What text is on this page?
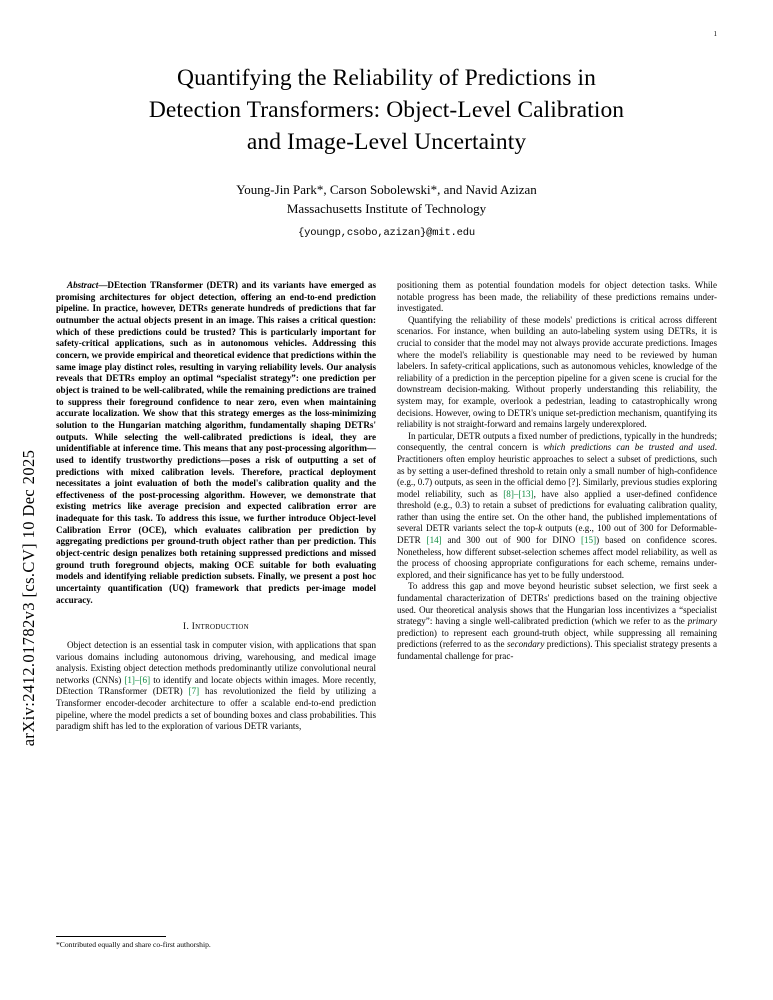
arXiv:2412.01782v3 [cs.CV] 10 Dec 2025
1
Quantifying the Reliability of Predictions in
Detection Transformers: Object-Level Calibration
and Image-Level Uncertainty
Young-Jin Park*, Carson Sobolewski*, and Navid Azizan
Massachusetts Institute of Technology
{youngp,csobo,azizan}@mit.edu
Abstract—DEtection TRansformer (DETR) and its variants have emerged as promising architectures for object detection, offering an end-to-end prediction pipeline. In practice, however, DETRs generate hundreds of predictions that far outnumber the actual objects present in an image. This raises a critical question: which of these predictions could be trusted? This is particularly important for safety-critical applications, such as in autonomous vehicles. Addressing this concern, we provide empirical and theoretical evidence that predictions within the same image play distinct roles, resulting in varying reliability levels. Our analysis reveals that DETRs employ an optimal “specialist strategy”: one prediction per object is trained to be well-calibrated, while the remaining predictions are trained to suppress their foreground confidence to near zero, even when maintaining accurate localization. We show that this strategy emerges as the loss-minimizing solution to the Hungarian matching algorithm, fundamentally shaping DETRs' outputs. While selecting the well-calibrated predictions is ideal, they are unidentifiable at inference time. This means that any post-processing algorithm—used to identify trustworthy predictions—poses a risk of outputting a set of predictions with mixed calibration levels. Therefore, practical deployment necessitates a joint evaluation of both the model's calibration quality and the effectiveness of the post-processing algorithm. However, we demonstrate that existing metrics like average precision and expected calibration error are inadequate for this task. To address this issue, we further introduce Object-level Calibration Error (OCE), which evaluates calibration per prediction by aggregating predictions per ground-truth object rather than per prediction. This object-centric design penalizes both retaining suppressed predictions and missed ground truth foreground objects, making OCE suitable for both evaluating models and identifying reliable prediction subsets. Finally, we present a post hoc uncertainty quantification (UQ) framework that predicts per-image model accuracy.
I. Introduction

Object detection is an essential task in computer vision, with applications that span various domains including autonomous driving, warehousing, and medical image analysis. Existing object detection methods predominantly utilize convolutional neural networks (CNNs) [1]–[6] to identify and locate objects within images. More recently, DEtection TRansformer (DETR) [7] has revolutionized the field by utilizing a Transformer encoder-decoder architecture to offer a scalable end-to-end prediction pipeline, where the model predicts a set of bounding boxes and class probabilities. This paradigm shift has led to the exploration of various DETR variants,

positioning them as potential foundation models for object detection tasks. While notable progress has been made, the reliability of these predictions remains under-investigated.

Quantifying the reliability of these models' predictions is critical across different scenarios. For instance, when building an auto-labeling system using DETRs, it is crucial to consider that the model may not always provide accurate predictions. Images where the model's reliability is questionable may need to be reviewed by human labelers. In safety-critical applications, such as autonomous vehicles, knowledge of the reliability of a prediction in the perception pipeline for a given scene is crucial for the downstream decision-making. Without properly understanding this reliability, the system may, for example, overlook a pedestrian, leading to catastrophically wrong decisions. However, owing to DETR's unique set-prediction mechanism, quantifying its reliability is not straight-forward and remains largely underexplored.

In particular, DETR outputs a fixed number of predictions, typically in the hundreds; consequently, the central concern is which predictions can be trusted and used. Practitioners often employ heuristic approaches to select a subset of predictions, such as by setting a user-defined threshold to retain only a small number of high-confidence (e.g., 0.7) outputs, as seen in the official demo [?]. Similarly, previous studies exploring model reliability, such as [8]–[13], have also applied a user-defined confidence threshold (e.g., 0.3) to retain a subset of predictions for evaluating calibration quality, rather than using the entire set. On the other hand, the published implementations of several DETR variants select the top-k outputs (e.g., 100 out of 300 for Deformable-DETR [14] and 300 out of 900 for DINO [15]) based on confidence scores. Nonetheless, how different subset-selection schemes affect model reliability, as well as the process of choosing appropriate configurations for each scheme, remains under-explored, and their significance has yet to be fully understood.

To address this gap and move beyond heuristic subset selection, we first seek a fundamental characterization of DETRs' predictions based on the training objective used. Our theoretical analysis shows that the Hungarian loss incentivizes a “specialist strategy”: having a single well-calibrated prediction (which we refer to as the primary prediction) to represent each ground-truth object, while suppressing all remaining predictions (referred to as the secondary predictions). This specialist strategy presents a fundamental challenge for prac-

*Contributed equally and share co-first authorship.
